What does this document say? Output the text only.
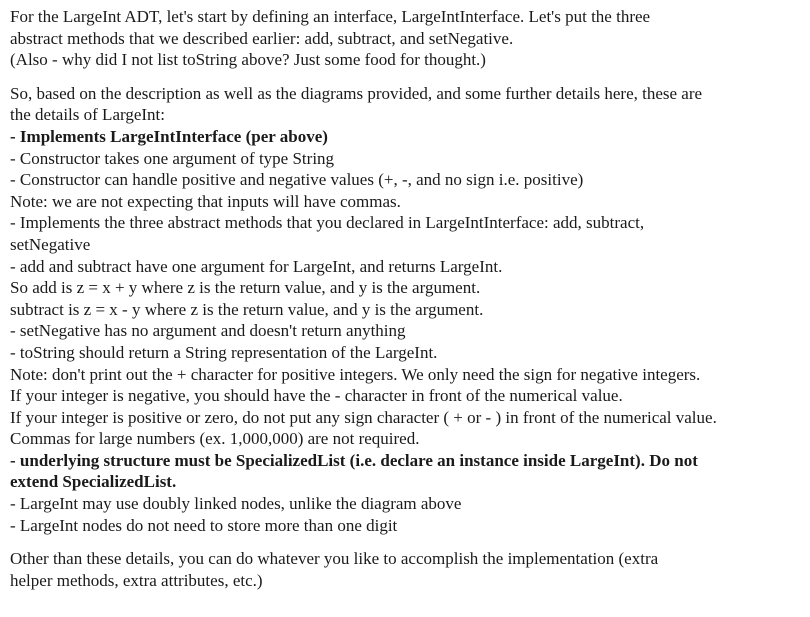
For the LargeInt ADT, let's start by defining an interface, LargeIntInterface. Let's put the three
abstract methods that we described earlier: add, subtract, and setNegative.
(Also - why did I not list toString above? Just some food for thought.)
So, based on the description as well as the diagrams provided, and some further details here, these are
the details of LargeInt:
- Implements LargeIntInterface (per above)
- Constructor takes one argument of type String
- Constructor can handle positive and negative values (+, -, and no sign i.e. positive)
Note: we are not expecting that inputs will have commas.
- Implements the three abstract methods that you declared in LargeIntInterface: add, subtract,
setNegative
- add and subtract have one argument for LargeInt, and returns LargeInt.
So add is z = x + y where z is the return value, and y is the argument.
subtract is z = x - y where z is the return value, and y is the argument.
- setNegative has no argument and doesn't return anything
- toString should return a String representation of the LargeInt.
Note: don't print out the + character for positive integers. We only need the sign for negative integers.
If your integer is negative, you should have the - character in front of the numerical value.
If your integer is positive or zero, do not put any sign character ( + or - ) in front of the numerical value.
Commas for large numbers (ex. 1,000,000) are not required.
- underlying structure must be SpecializedList (i.e. declare an instance inside LargeInt). Do not
extend SpecializedList.
- LargeInt may use doubly linked nodes, unlike the diagram above
- LargeInt nodes do not need to store more than one digit
Other than these details, you can do whatever you like to accomplish the implementation (extra
helper methods, extra attributes, etc.)
